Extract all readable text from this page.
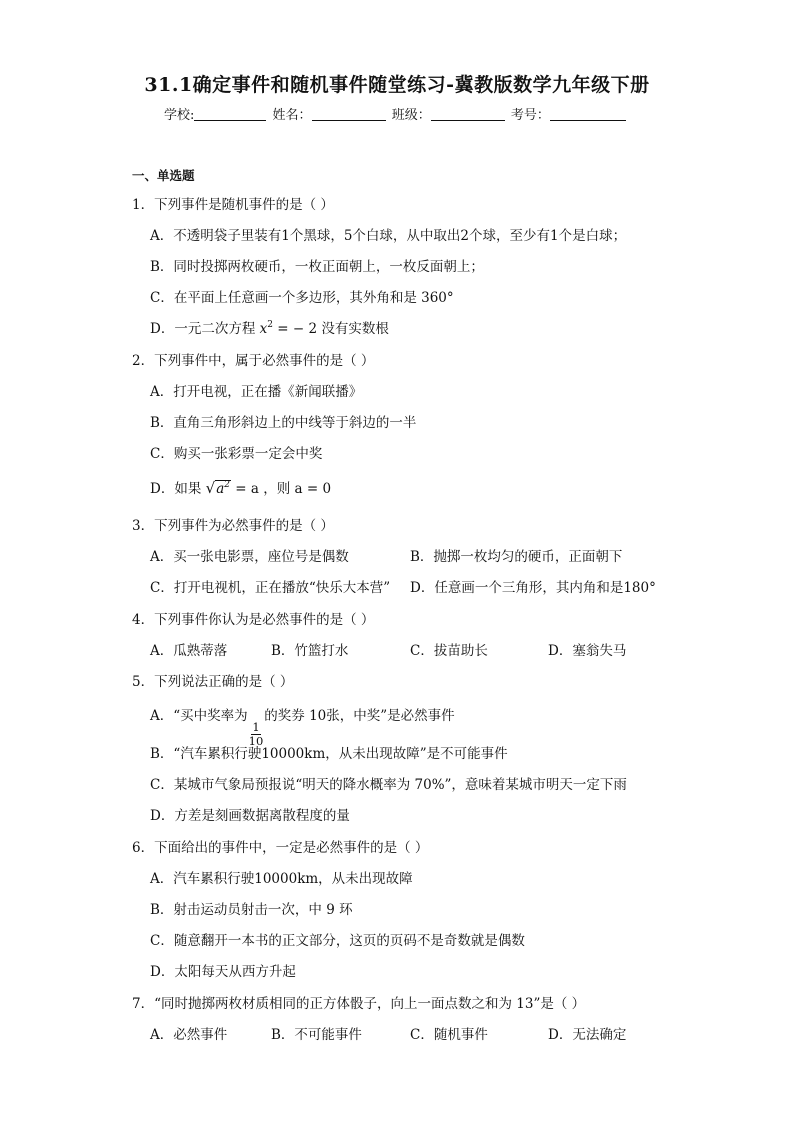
31.1确定事件和随机事件随堂练习-冀教版数学九年级下册
学校:	姓名：	班级：	考号：
一、单选题
1．下列事件是随机事件的是（ ）
A．不透明袋子里装有1个黑球，5个白球，从中取出2个球，至少有1个是白球；
B．同时投掷两枚硬币，一枚正面朝上，一枚反面朝上；
C．在平面上任意画一个多边形，其外角和是 360°
D．一元二次方程 $x^2$ = − 2 没有实数根
2．下列事件中，属于必然事件的是（ ）
A．打开电视，正在播《新闻联播》
B．直角三角形斜边上的中线等于斜边的一半
C．购买一张彩票一定会中奖
D．如果 $√a^2 = a$ ，则 a = 0
3．下列事件为必然事件的是（ ）
A．买一张电影票，座位号是偶数	B．抛掷一枚均匀的硬币，正面朝下
C．打开电视机，正在播放“快乐大本营” D．任意画一个三角形，其内角和是180°
4．下列事件你认为是必然事件的是（ ）
A．瓜熟蒂落	B．竹篮打水	C．拔苗助长	D．塞翁失马
5．下列说法正确的是（ ）
A．“买中奖率为
$\frac{1}{10}$
的奖券 10张，中奖”是必然事件
B．“汽车累积行驶10000km，从未出现故障”是不可能事件
C．某城市气象局预报说“明天的降水概率为 70%”，意味着某城市明天一定下雨
D．方差是刻画数据离散程度的量
6．下面给出的事件中，一定是必然事件的是（ ）
A．汽车累积行驶10000km，从未出现故障
B．射击运动员射击一次，中 9 环
C．随意翻开一本书的正文部分，这页的页码不是奇数就是偶数
D．太阳每天从西方升起
7．“同时抛掷两枚材质相同的正方体骰子，向上一面点数之和为 13”是（ ）
A．必然事件	B．不可能事件	C．随机事件	D．无法确定
